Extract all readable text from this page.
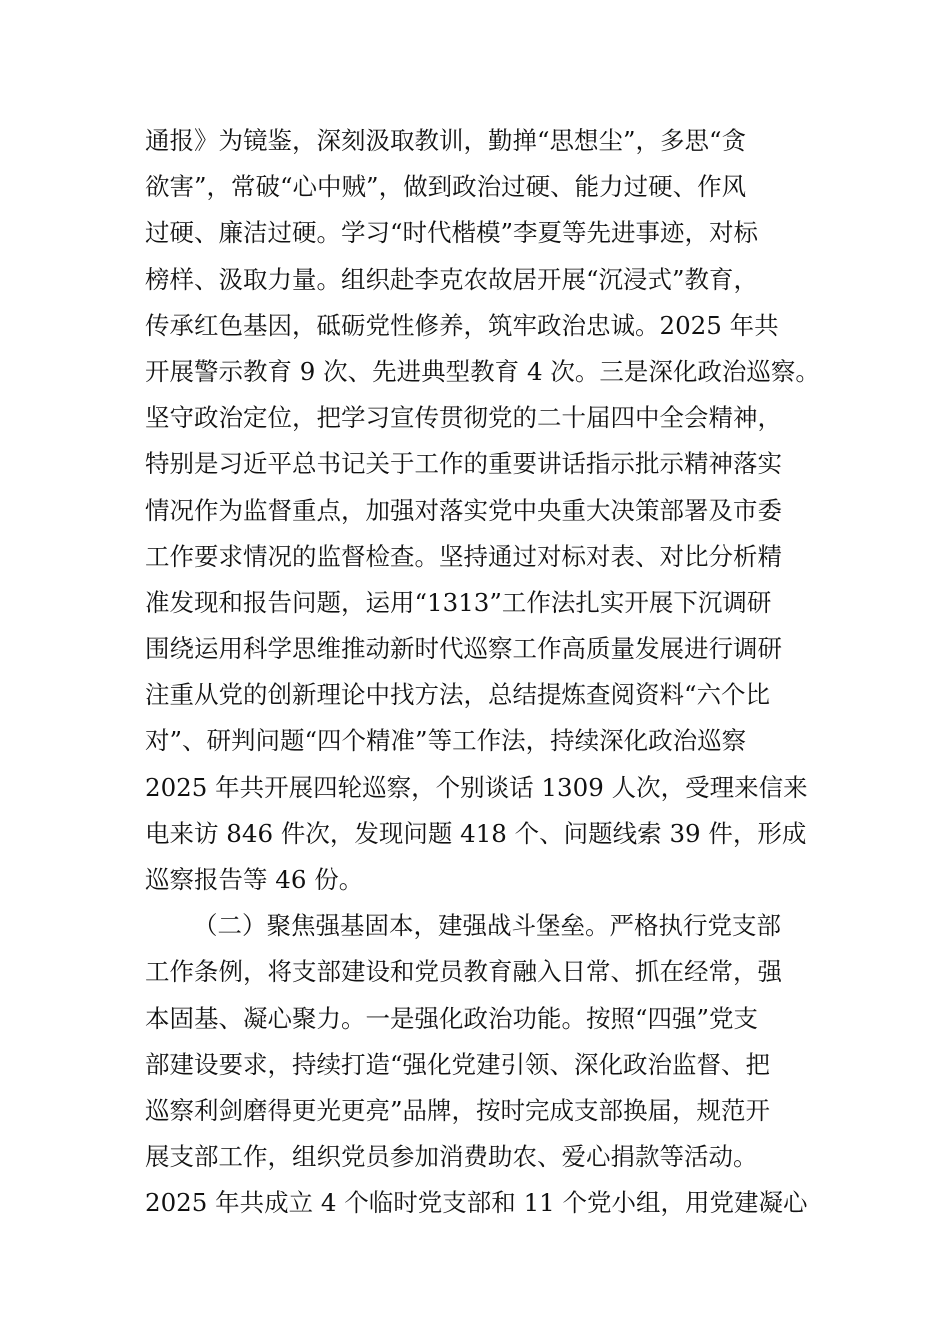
通报》为镜鉴，深刻汲取教训，勤掸“思想尘”，多思“贪
欲害”，常破“心中贼”，做到政治过硬、能力过硬、作风
过硬、廉洁过硬。学习“时代楷模”李夏等先进事迹，对标
榜样、汲取力量。组织赴李克农故居开展“沉浸式”教育，
传承红色基因，砥砺党性修养，筑牢政治忠诚。2025 年共
开展警示教育 9 次、先进典型教育 4 次。三是深化政治巡察。
坚守政治定位，把学习宣传贯彻党的二十届四中全会精神，
特别是习近平总书记关于工作的重要讲话指示批示精神落实
情况作为监督重点，加强对落实党中央重大决策部署及市委
工作要求情况的监督检查。坚持通过对标对表、对比分析精
准发现和报告问题，运用“1313”工作法扎实开展下沉调研
围绕运用科学思维推动新时代巡察工作高质量发展进行调研
注重从党的创新理论中找方法，总结提炼查阅资料“六个比
对”、研判问题“四个精准”等工作法，持续深化政治巡察
2025 年共开展四轮巡察，个别谈话 1309 人次，受理来信来
电来访 846 件次，发现问题 418 个、问题线索 39 件，形成
巡察报告等 46 份。
（二）聚焦强基固本，建强战斗堡垒。严格执行党支部
工作条例，将支部建设和党员教育融入日常、抓在经常，强
本固基、凝心聚力。一是强化政治功能。按照“四强”党支
部建设要求，持续打造“强化党建引领、深化政治监督、把
巡察利剑磨得更光更亮”品牌，按时完成支部换届，规范开
展支部工作，组织党员参加消费助农、爱心捐款等活动。
2025 年共成立 4 个临时党支部和 11 个党小组，用党建凝心
